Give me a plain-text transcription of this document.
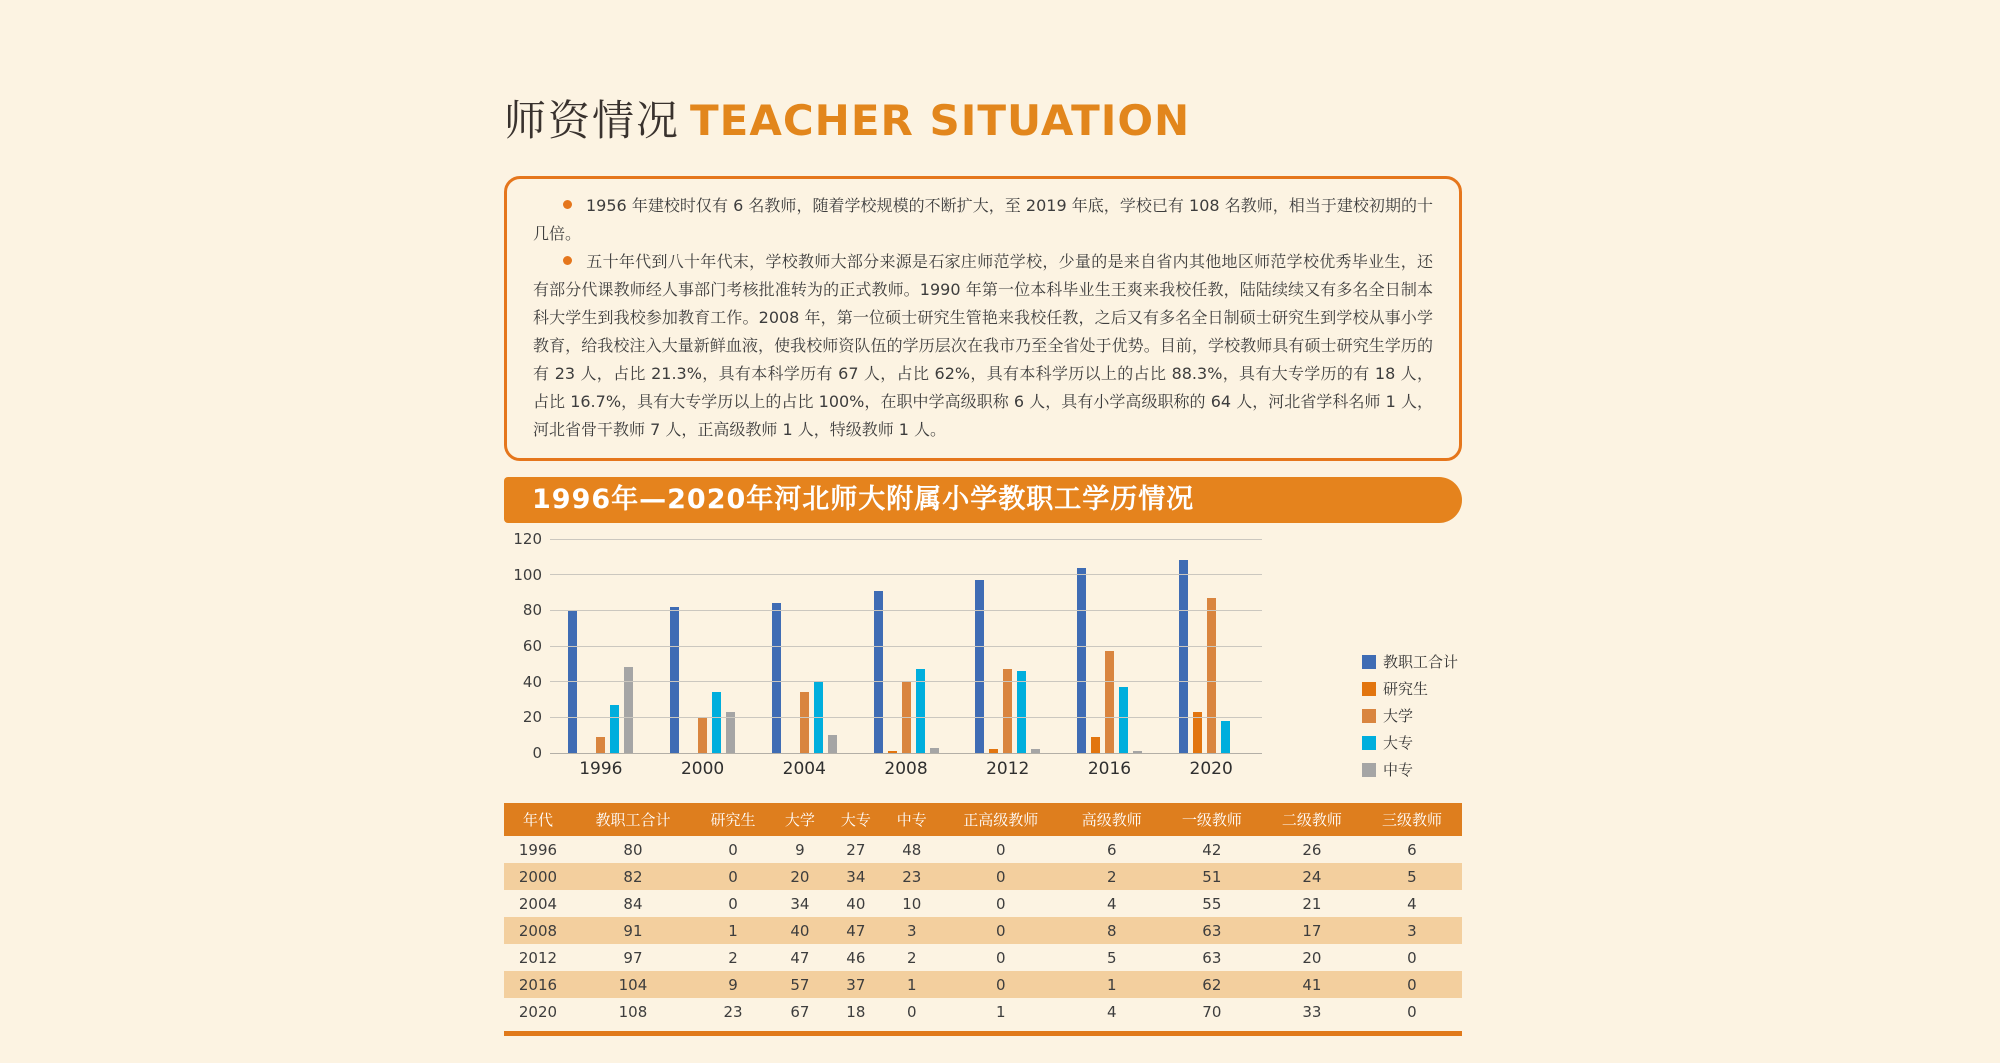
师资情况 TEACHER SITUATION

1956 年建校时仅有 6 名教师，随着学校规模的不断扩大，至 2019 年底，学校已有 108 名教师，相当于建校初期的十几倍。

五十年代到八十年代末，学校教师大部分来源是石家庄师范学校，少量的是来自省内其他地区师范学校优秀毕业生，还有部分代课教师经人事部门考核批准转为的正式教师。1990 年第一位本科毕业生王爽来我校任教，陆陆续续又有多名全日制本科大学生到我校参加教育工作。2008 年，第一位硕士研究生管艳来我校任教，之后又有多名全日制硕士研究生到学校从事小学教育，给我校注入大量新鲜血液，使我校师资队伍的学历层次在我市乃至全省处于优势。目前，学校教师具有硕士研究生学历的有 23 人，占比 21.3%，具有本科学历有 67 人，占比 62%，具有本科学历以上的占比 88.3%，具有大专学历的有 18 人，占比 16.7%，具有大专学历以上的占比 100%，在职中学高级职称 6 人，具有小学高级职称的 64 人，河北省学科名师 1 人，河北省骨干教师 7 人，正高级教师 1 人，特级教师 1 人。

1996年—2020年河北师大附属小学教职工学历情况
0
20
40
60
80
100
120
1996	2000	2004	2008	2012	2016	2020
教职工合计
研究生
大学
大专
中专
年代	教职工合计	研究生	大学	大专	中专	正高级教师	高级教师	一级教师	二级教师	三级教师
1996	80	0	9	27	48	0	6	42	26	6
2000	82	0	20	34	23	0	2	51	24	5
2004	84	0	34	40	10	0	4	55	21	4
2008	91	1	40	47	3	0	8	63	17	3
2012	97	2	47	46	2	0	5	63	20	0
2016	104	9	57	37	1	0	1	62	41	0
2020	108	23	67	18	0	1	4	70	33	0
